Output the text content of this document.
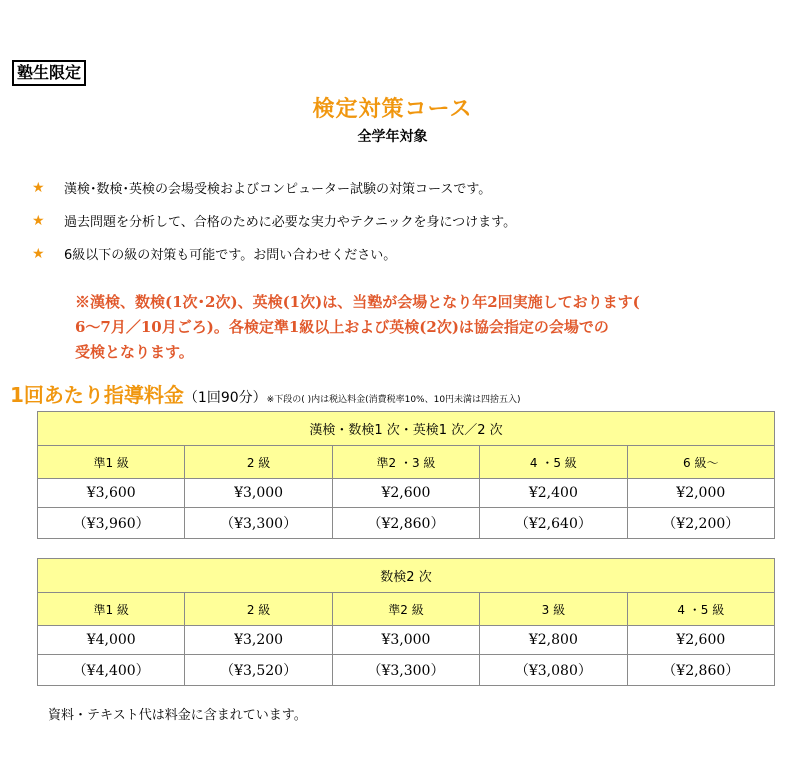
塾生限定
検定対策コース
全学年対象
★	漢検･数検･英検の会場受検およびコンピューター試験の対策コースです。
★	過去問題を分析して、合格のために必要な実力やテクニックを身につけます。
★	6級以下の級の対策も可能です。お問い合わせください。
※漢検、数検(1次･2次)、英検(1次)は、当塾が会場となり年2回実施しております(
6～7月／10月ごろ)。各検定準1級以上および英検(2次)は協会指定の会場での
受検となります。
1回あたり指導料金（1回90分）※下段の( )内は税込料金(消費税率10%、10円未満は四捨五入)
漢検・数検1 次・英検1 次／2 次				
準1 級	2 級	準2 ・3 級	4 ・5 級	6 級～
¥3,600	¥3,000	¥2,600	¥2,400	¥2,000
（¥3,960）	（¥3,300）	（¥2,860）	（¥2,640）	（¥2,200）
数検2 次				
準1 級	2 級	準2 級	3 級	4 ・5 級
¥4,000	¥3,200	¥3,000	¥2,800	¥2,600
（¥4,400）	（¥3,520）	（¥3,300）	（¥3,080）	（¥2,860）
資料・テキスト代は料金に含まれています。
